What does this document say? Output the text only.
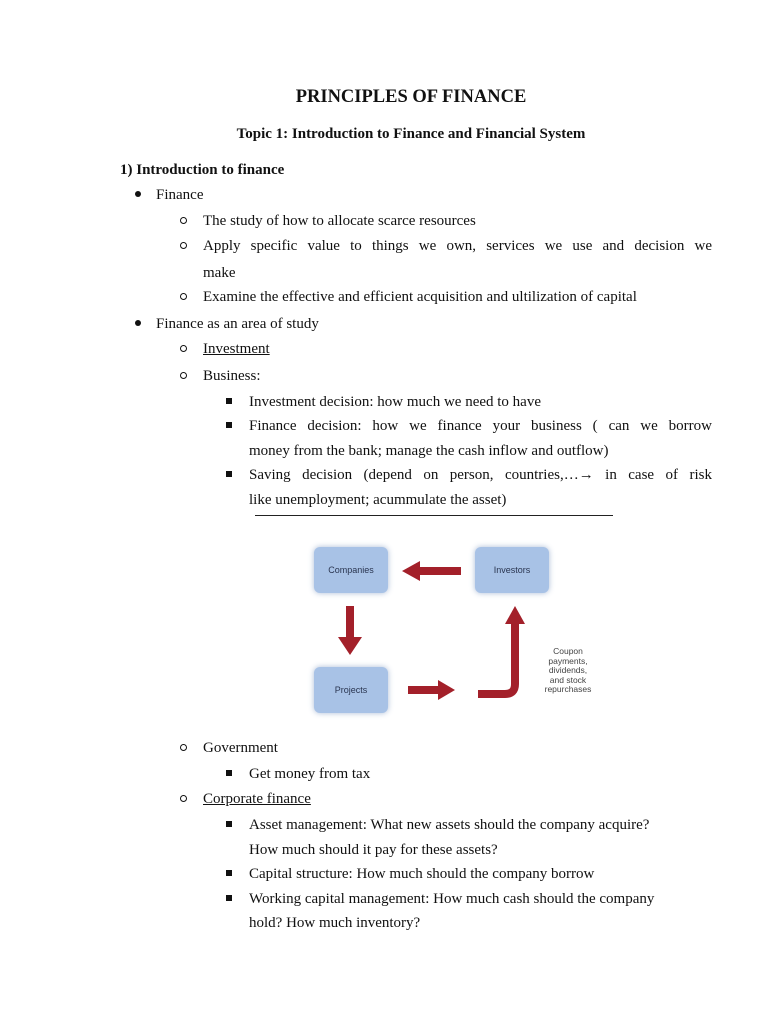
PRINCIPLES OF FINANCE
Topic 1: Introduction to Finance and Financial System
1) Introduction to finance
Finance
The study of how to allocate scarce resources
Apply specific value to things we own, services we use and decision we
make
Examine the effective and efficient acquisition and ultilization of capital
Finance as an area of study
Investment
Business:
Investment decision: how much we need to have
Finance decision: how we finance your business ( can we borrow
money from the bank; manage the cash inflow and outflow)
Saving decision (depend on person, countries,…→ in case of risk
like unemployment; acummulate the asset)
Companies	Investors
Projects
Coupon
payments,
dividends,
and stock
repurchases
Government
Get money from tax
Corporate finance
Asset management: What new assets should the company acquire?
How much should it pay for these assets?
Capital structure: How much should the company borrow
Working capital management: How much cash should the company
hold? How much inventory?
